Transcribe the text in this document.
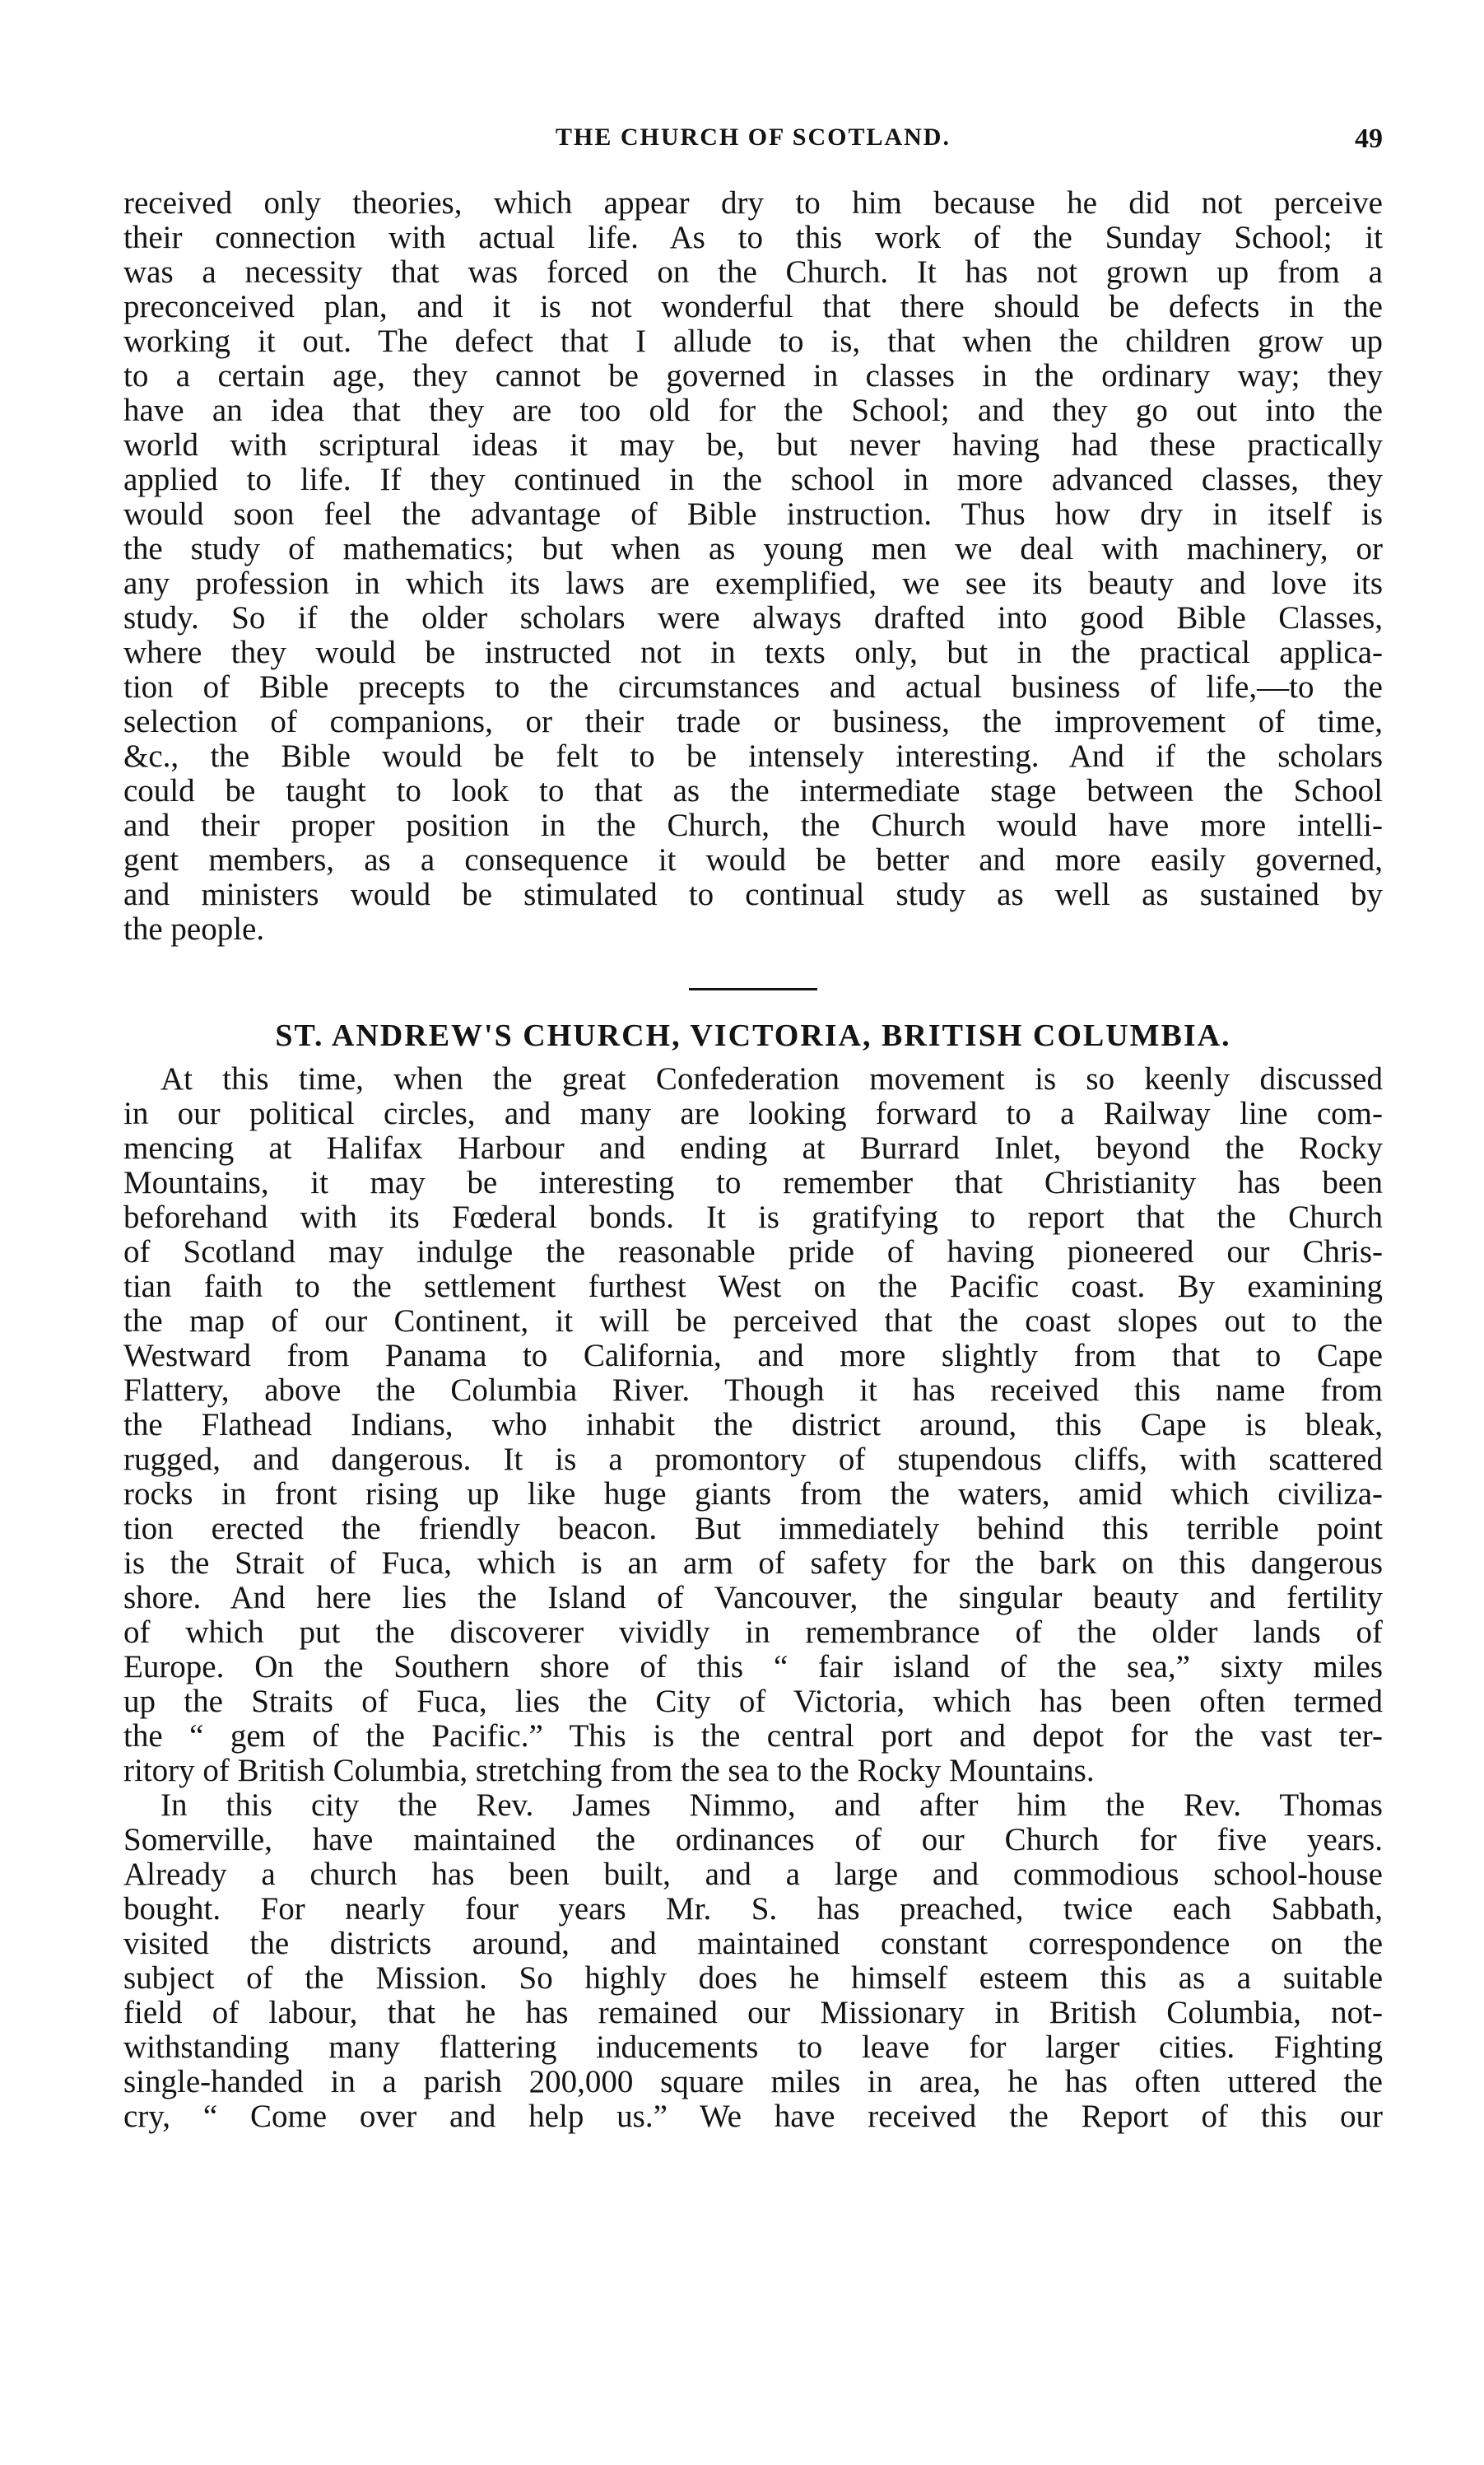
THE CHURCH OF SCOTLAND.	49
received only theories, which appear dry to him because he did not perceive
their connection with actual life. As to this work of the Sunday School; it
was a necessity that was forced on the Church. It has not grown up from a
preconceived plan, and it is not wonderful that there should be defects in the
working it out. The defect that I allude to is, that when the children grow up
to a certain age, they cannot be governed in classes in the ordinary way; they
have an idea that they are too old for the School; and they go out into the
world with scriptural ideas it may be, but never having had these practically
applied to life. If they continued in the school in more advanced classes, they
would soon feel the advantage of Bible instruction. Thus how dry in itself is
the study of mathematics; but when as young men we deal with machinery, or
any profession in which its laws are exemplified, we see its beauty and love its
study. So if the older scholars were always drafted into good Bible Classes,
where they would be instructed not in texts only, but in the practical applica-
tion of Bible precepts to the circumstances and actual business of life,—to the
selection of companions, or their trade or business, the improvement of time,
&c., the Bible would be felt to be intensely interesting. And if the scholars
could be taught to look to that as the intermediate stage between the School
and their proper position in the Church, the Church would have more intelli-
gent members, as a consequence it would be better and more easily governed,
and ministers would be stimulated to continual study as well as sustained by
the people.
ST. ANDREW'S CHURCH, VICTORIA, BRITISH COLUMBIA.
At this time, when the great Confederation movement is so keenly discussed
in our political circles, and many are looking forward to a Railway line com-
mencing at Halifax Harbour and ending at Burrard Inlet, beyond the Rocky
Mountains, it may be interesting to remember that Christianity has been
beforehand with its Fœderal bonds. It is gratifying to report that the Church
of Scotland may indulge the reasonable pride of having pioneered our Chris-
tian faith to the settlement furthest West on the Pacific coast. By examining
the map of our Continent, it will be perceived that the coast slopes out to the
Westward from Panama to California, and more slightly from that to Cape
Flattery, above the Columbia River. Though it has received this name from
the Flathead Indians, who inhabit the district around, this Cape is bleak,
rugged, and dangerous. It is a promontory of stupendous cliffs, with scattered
rocks in front rising up like huge giants from the waters, amid which civiliza-
tion erected the friendly beacon. But immediately behind this terrible point
is the Strait of Fuca, which is an arm of safety for the bark on this dangerous
shore. And here lies the Island of Vancouver, the singular beauty and fertility
of which put the discoverer vividly in remembrance of the older lands of
Europe. On the Southern shore of this “ fair island of the sea,” sixty miles
up the Straits of Fuca, lies the City of Victoria, which has been often termed
the “ gem of the Pacific.” This is the central port and depot for the vast ter-
ritory of British Columbia, stretching from the sea to the Rocky Mountains.
In this city the Rev. James Nimmo, and after him the Rev. Thomas
Somerville, have maintained the ordinances of our Church for five years.
Already a church has been built, and a large and commodious school-house
bought. For nearly four years Mr. S. has preached, twice each Sabbath,
visited the districts around, and maintained constant correspondence on the
subject of the Mission. So highly does he himself esteem this as a suitable
field of labour, that he has remained our Missionary in British Columbia, not-
withstanding many flattering inducements to leave for larger cities. Fighting
single-handed in a parish 200,000 square miles in area, he has often uttered the
cry, “ Come over and help us.” We have received the Report of this our
